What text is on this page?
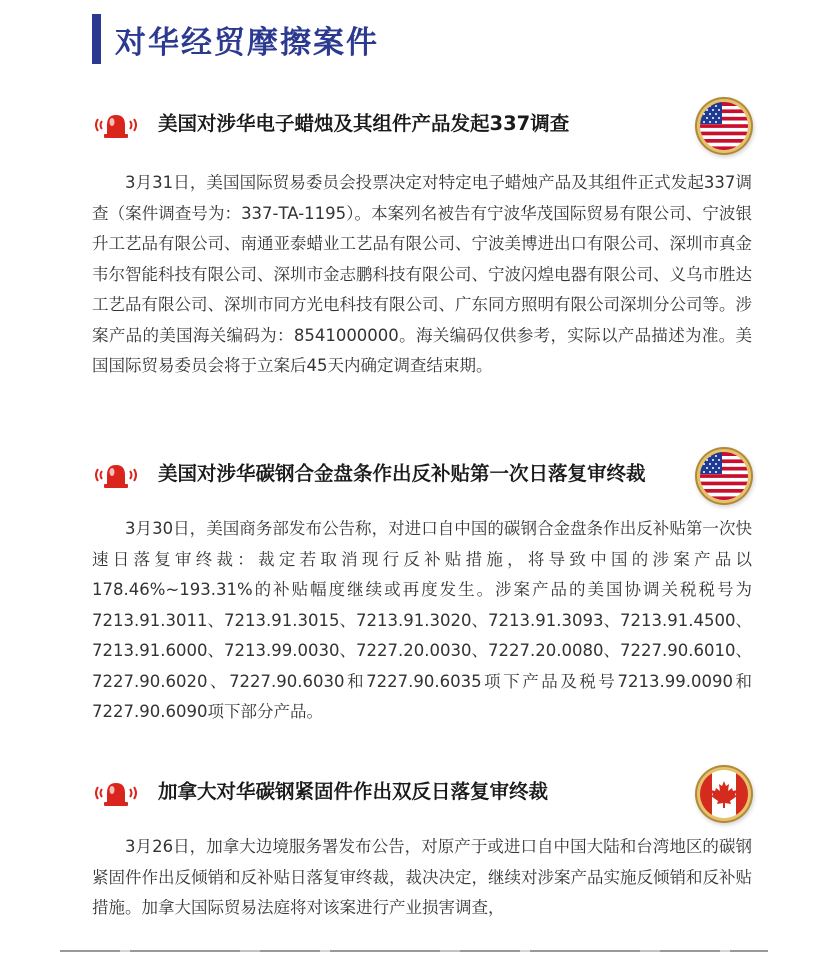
对华经贸摩擦案件
美国对涉华电子蜡烛及其组件产品发起337调查

3月31日，美国国际贸易委员会投票决定对特定电子蜡烛产品及其组件正式发起337调查（案件调查号为：337-TA-1195）。本案列名被告有宁波华茂国际贸易有限公司、宁波银升工艺品有限公司、南通亚泰蜡业工艺品有限公司、宁波美博进出口有限公司、深圳市真金韦尔智能科技有限公司、深圳市金志鹏科技有限公司、宁波闪煌电器有限公司、义乌市胜达工艺品有限公司、深圳市同方光电科技有限公司、广东同方照明有限公司深圳分公司等。涉案产品的美国海关编码为：8541000000。海关编码仅供参考，实际以产品描述为准。美国国际贸易委员会将于立案后45天内确定调查结束期。

美国对涉华碳钢合金盘条作出反补贴第一次日落复审终裁

3月30日，美国商务部发布公告称，对进口自中国的碳钢合金盘条作出反补贴第一次快速日落复审终裁：裁定若取消现行反补贴措施，将导致中国的涉案产品以178.46%~193.31%的补贴幅度继续或再度发生。涉案产品的美国协调关税税号为7213.91.3011、7213.91.3015、7213.91.3020、7213.91.3093、7213.91.4500、7213.91.6000、7213.99.0030、7227.20.0030、7227.20.0080、7227.90.6010、7227.90.6020、7227.90.6030和7227.90.6035项下产品及税号7213.99.0090和7227.90.6090项下部分产品。

加拿大对华碳钢紧固件作出双反日落复审终裁

3月26日，加拿大边境服务署发布公告，对原产于或进口自中国大陆和台湾地区的碳钢紧固件作出反倾销和反补贴日落复审终裁，裁决决定，继续对涉案产品实施反倾销和反补贴措施。加拿大国际贸易法庭将对该案进行产业损害调查，
